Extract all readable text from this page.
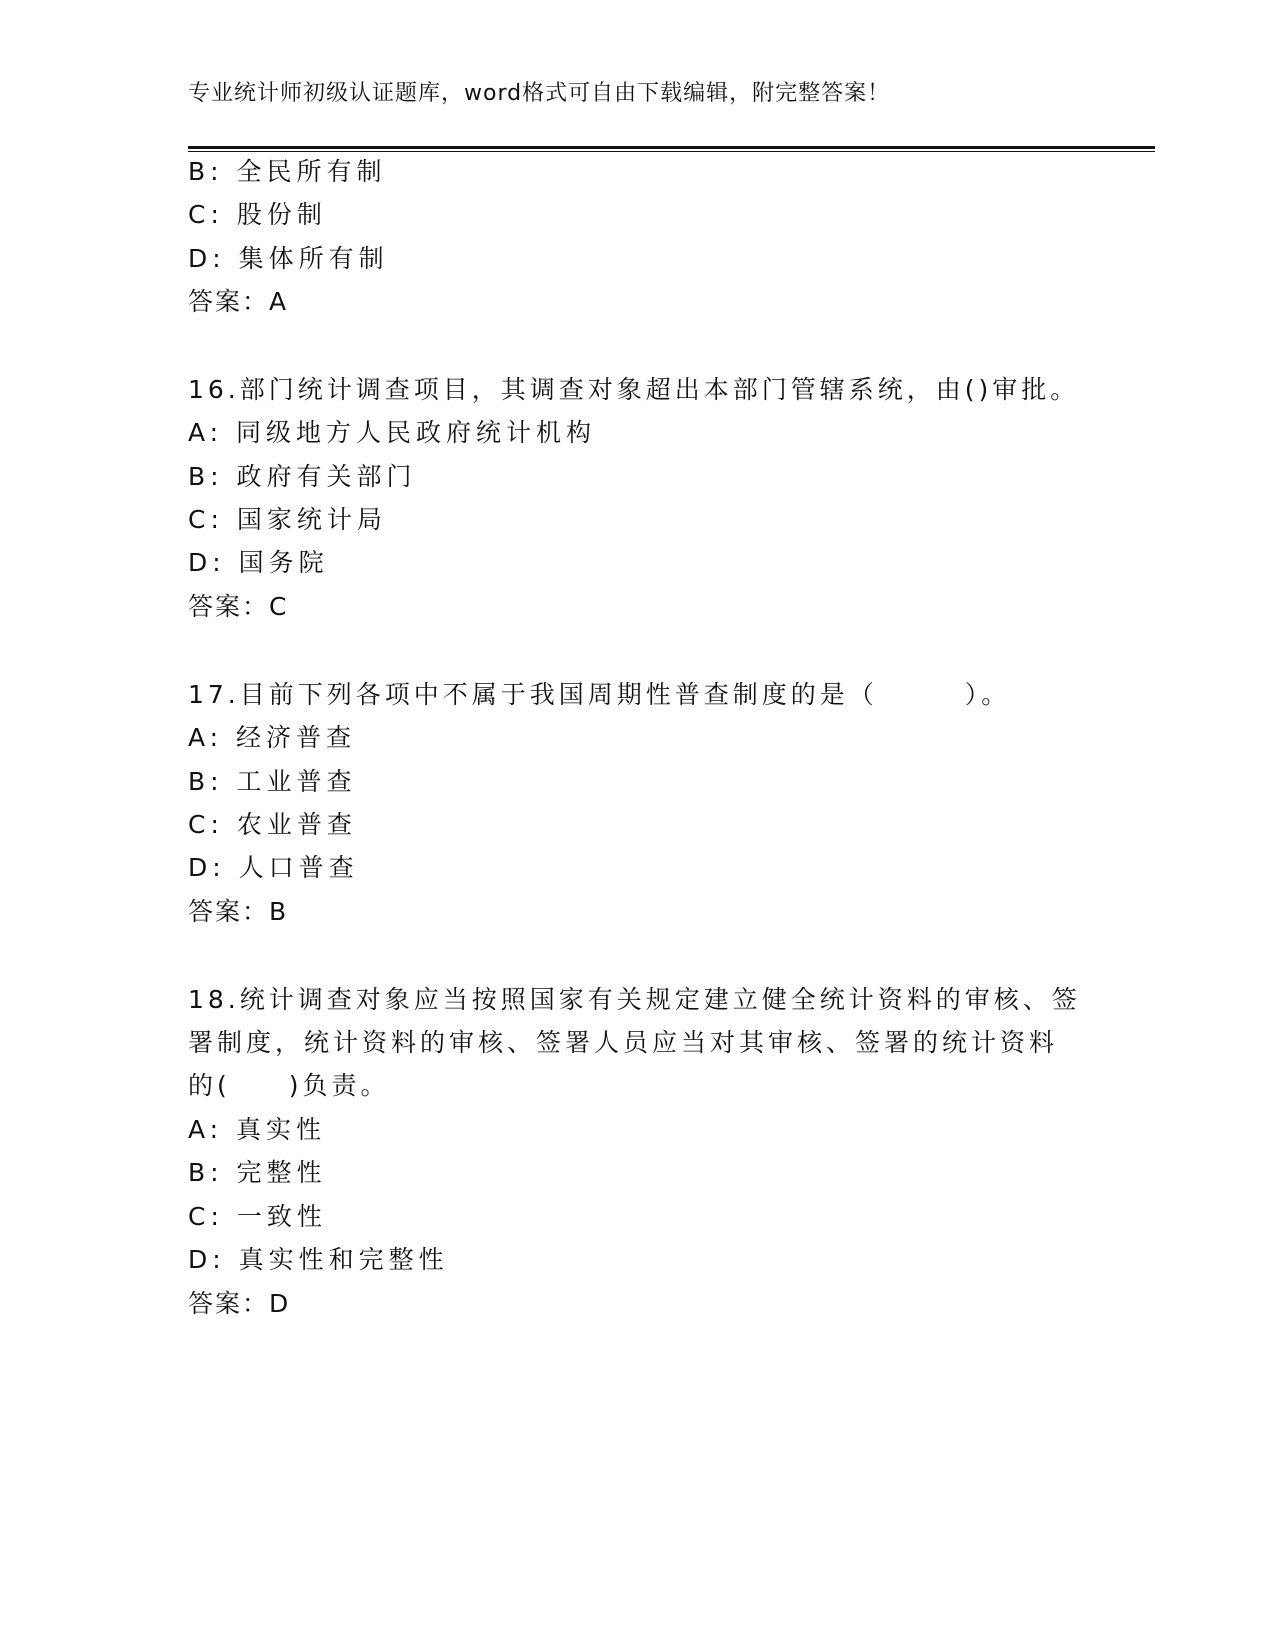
专业统计师初级认证题库，word格式可自由下载编辑，附完整答案！
B: 全民所有制
C: 股份制
D: 集体所有制
答案：A
16.部门统计调查项目，其调查对象超出本部门管辖系统，由()审批。
A: 同级地方人民政府统计机构
B: 政府有关部门
C: 国家统计局
D: 国务院
答案：C
17.目前下列各项中不属于我国周期性普查制度的是（　　　）。
A: 经济普查
B: 工业普查
C: 农业普查
D: 人口普查
答案：B
18.统计调查对象应当按照国家有关规定建立健全统计资料的审核、签
署制度，统计资料的审核、签署人员应当对其审核、签署的统计资料
的(　　)负责。
A: 真实性
B: 完整性
C: 一致性
D: 真实性和完整性
答案：D
